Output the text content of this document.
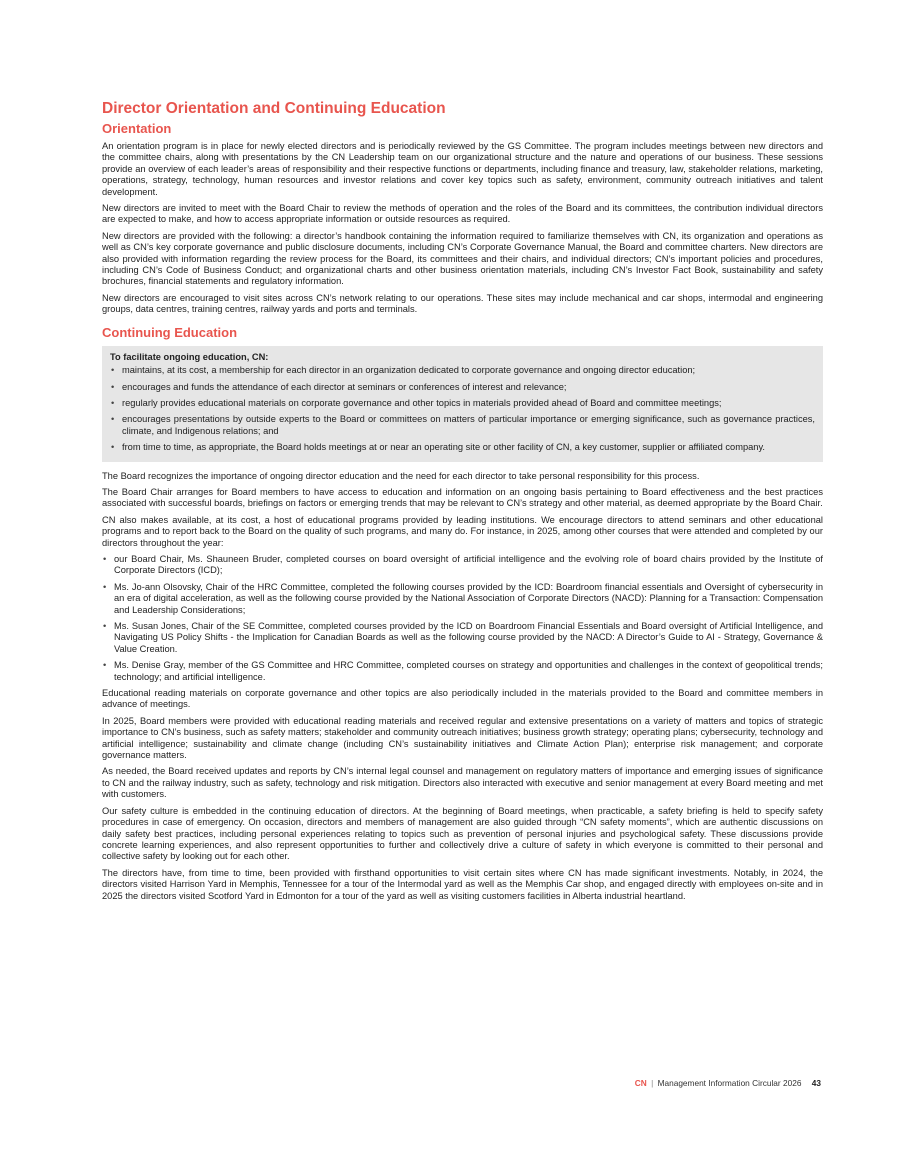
Director Orientation and Continuing Education
Orientation

An orientation program is in place for newly elected directors and is periodically reviewed by the GS Committee. The program includes meetings between new directors and the committee chairs, along with presentations by the CN Leadership team on our organizational structure and the nature and operations of our business. These sessions provide an overview of each leader’s areas of responsibility and their respective functions or departments, including finance and treasury, law, stakeholder relations, marketing, operations, strategy, technology, human resources and investor relations and cover key topics such as safety, environment, community outreach initiatives and talent development.

New directors are invited to meet with the Board Chair to review the methods of operation and the roles of the Board and its committees, the contribution individual directors are expected to make, and how to access appropriate information or outside resources as required.

New directors are provided with the following: a director’s handbook containing the information required to familiarize themselves with CN, its organization and operations as well as CN’s key corporate governance and public disclosure documents, including CN’s Corporate Governance Manual, the Board and committee charters. New directors are also provided with information regarding the review process for the Board, its committees and their chairs, and individual directors; CN’s important policies and procedures, including CN’s Code of Business Conduct; and organizational charts and other business orientation materials, including CN’s Investor Fact Book, sustainability and safety brochures, financial statements and regulatory information.

New directors are encouraged to visit sites across CN’s network relating to our operations. These sites may include mechanical and car shops, intermodal and engineering groups, data centres, training centres, railway yards and ports and terminals.

Continuing Education
To facilitate ongoing education, CN:
• maintains, at its cost, a membership for each director in an organization dedicated to corporate governance and ongoing director education;
• encourages and funds the attendance of each director at seminars or conferences of interest and relevance;
• regularly provides educational materials on corporate governance and other topics in materials provided ahead of Board and committee meetings;
• encourages presentations by outside experts to the Board or committees on matters of particular importance or emerging significance, such as governance practices, climate, and Indigenous relations; and
• from time to time, as appropriate, the Board holds meetings at or near an operating site or other facility of CN, a key customer, supplier or affiliated company.

The Board recognizes the importance of ongoing director education and the need for each director to take personal responsibility for this process.

The Board Chair arranges for Board members to have access to education and information on an ongoing basis pertaining to Board effectiveness and the best practices associated with successful boards, briefings on factors or emerging trends that may be relevant to CN’s strategy and other material, as deemed appropriate by the Board Chair.

CN also makes available, at its cost, a host of educational programs provided by leading institutions. We encourage directors to attend seminars and other educational programs and to report back to the Board on the quality of such programs, and many do. For instance, in 2025, among other courses that were attended and completed by our directors throughout the year:

• our Board Chair, Ms. Shauneen Bruder, completed courses on board oversight of artificial intelligence and the evolving role of board chairs provided by the Institute of Corporate Directors (ICD);
• Ms. Jo-ann Olsovsky, Chair of the HRC Committee, completed the following courses provided by the ICD: Boardroom financial essentials and Oversight of cybersecurity in an era of digital acceleration, as well as the following course provided by the National Association of Corporate Directors (NACD): Planning for a Transaction: Compensation and Leadership Considerations;
• Ms. Susan Jones, Chair of the SE Committee, completed courses provided by the ICD on Boardroom Financial Essentials and Board oversight of Artificial Intelligence, and Navigating US Policy Shifts - the Implication for Canadian Boards as well as the following course provided by the NACD: A Director’s Guide to AI - Strategy, Governance & Value Creation.
• Ms. Denise Gray, member of the GS Committee and HRC Committee, completed courses on strategy and opportunities and challenges in the context of geopolitical trends; technology; and artificial intelligence.

Educational reading materials on corporate governance and other topics are also periodically included in the materials provided to the Board and committee members in advance of meetings.

In 2025, Board members were provided with educational reading materials and received regular and extensive presentations on a variety of matters and topics of strategic importance to CN’s business, such as safety matters; stakeholder and community outreach initiatives; business growth strategy; operating plans; cybersecurity, technology and artificial intelligence; sustainability and climate change (including CN’s sustainability initiatives and Climate Action Plan); enterprise risk management; and corporate governance matters.

As needed, the Board received updates and reports by CN’s internal legal counsel and management on regulatory matters of importance and emerging issues of significance to CN and the railway industry, such as safety, technology and risk mitigation. Directors also interacted with executive and senior management at every Board meeting and met with customers.

Our safety culture is embedded in the continuing education of directors. At the beginning of Board meetings, when practicable, a safety briefing is held to specify safety procedures in case of emergency. On occasion, directors and members of management are also guided through “CN safety moments”, which are authentic discussions on daily safety best practices, including personal experiences relating to topics such as prevention of personal injuries and psychological safety. These discussions provide concrete learning experiences, and also represent opportunities to further and collectively drive a culture of safety in which everyone is committed to their personal and collective safety by looking out for each other.

The directors have, from time to time, been provided with firsthand opportunities to visit certain sites where CN has made significant investments. Notably, in 2024, the directors visited Harrison Yard in Memphis, Tennessee for a tour of the Intermodal yard as well as the Memphis Car shop, and engaged directly with employees on-site and in 2025 the directors visited Scotford Yard in Edmonton for a tour of the yard as well as visiting customers facilities in Alberta industrial heartland.

CN | Management Information Circular 2026 43
